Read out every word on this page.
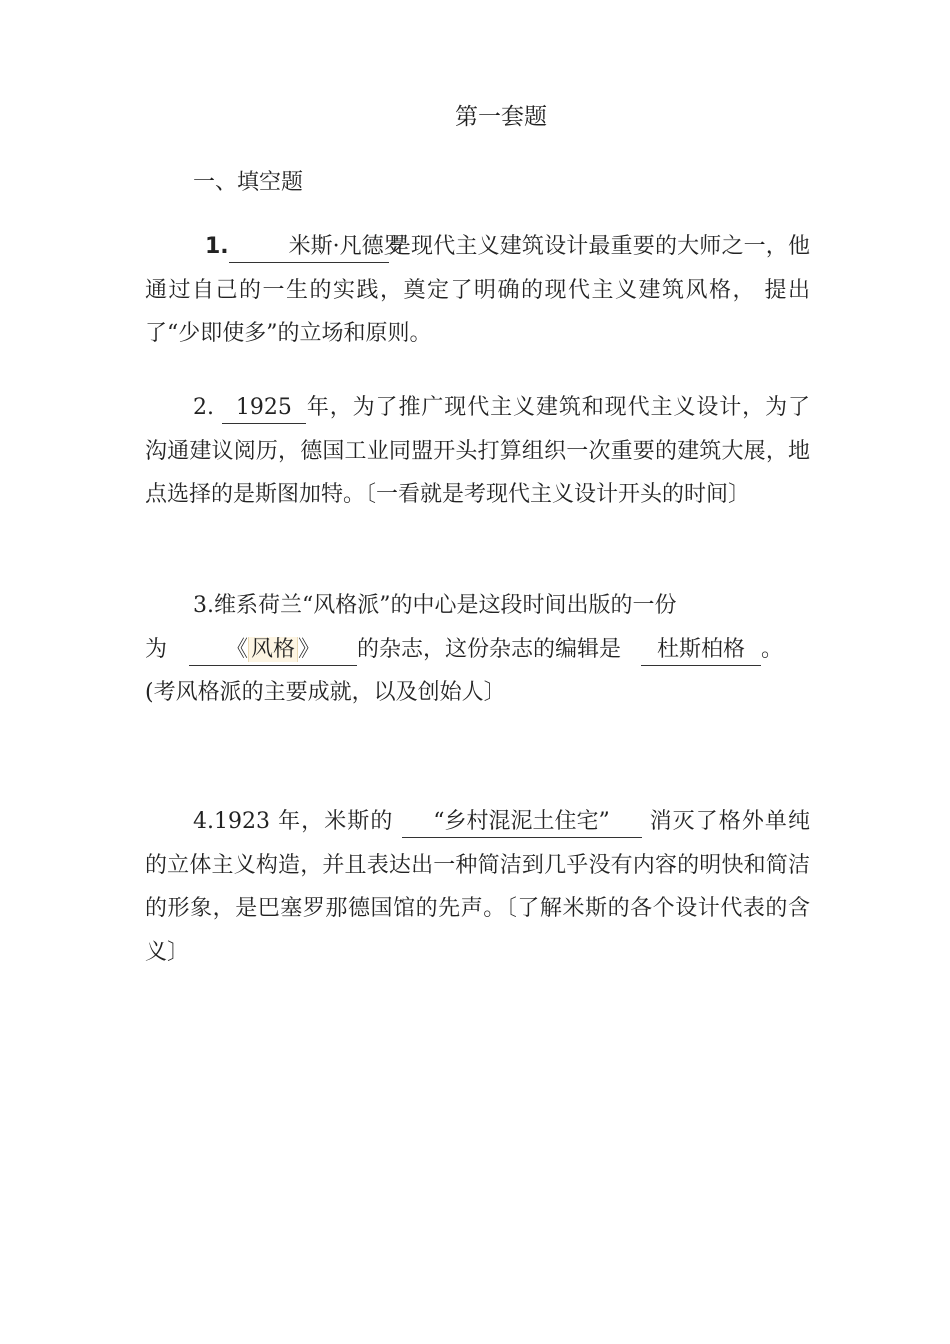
第一套题
一、填空题
1.	米斯·凡德罗是现代主义建筑设计最重要的大师之一，他通过自己的一生的实践，奠定了明确的现代主义建筑风格， 提出了“少即使多”的立场和原则。
2. 1925 年，为了推广现代主义建筑和现代主义设计，为了沟通建议阅历，德国工业同盟开头打算组织一次重要的建筑大展，地点选择的是斯图加特。〔一看就是考现代主义设计开头的时间〕
3.维系荷兰“风格派”的中心是这段时间出版的一份
为	《 风格 》 的杂志，这份杂志的编辑是 杜斯柏格 。
(考风格派的主要成就，以及创始人〕
4.1923 年，米斯的 “乡村混泥土住宅” 消灭了格外单纯的立体主义构造，并且表达出一种简洁到几乎没有内容的明快和简洁的形象，是巴塞罗那德国馆的先声。〔了解米斯的各个设计代表的含义〕
